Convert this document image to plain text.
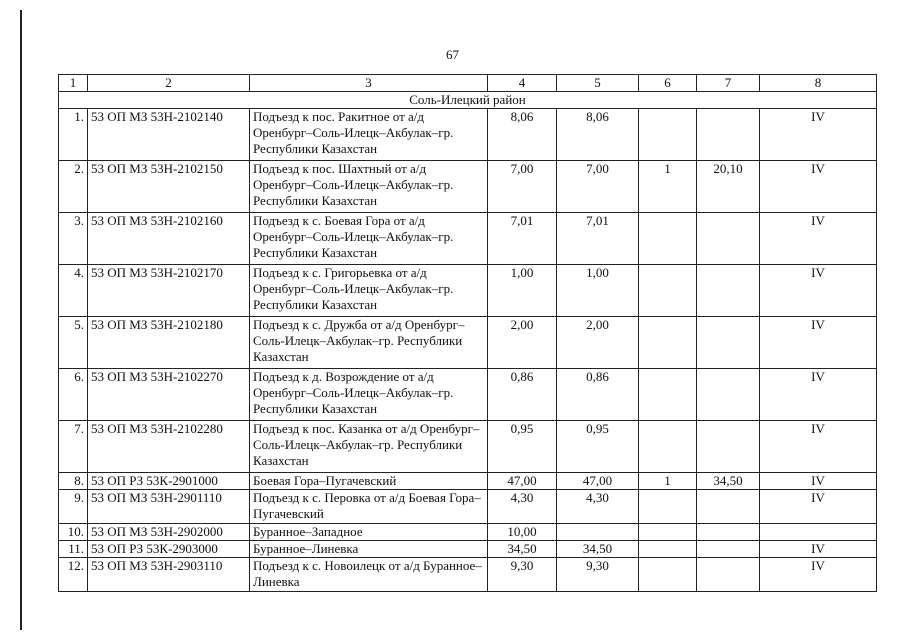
67
1	2	3	4	5	6	7	8
Соль-Илецкий район							
1.	53 ОП МЗ 53Н-2102140	Подъезд к пос. Ракитное от а/д Оренбург–Соль-Илецк–Акбулак–гр. Республики Казахстан	8,06	8,06			IV
2.	53 ОП МЗ 53Н-2102150	Подъезд к пос. Шахтный от а/д Оренбург–Соль-Илецк–Акбулак–гр. Республики Казахстан	7,00	7,00	1	20,10	IV
3.	53 ОП МЗ 53Н-2102160	Подъезд к с. Боевая Гора от а/д Оренбург–Соль-Илецк–Акбулак–гр. Республики Казахстан	7,01	7,01			IV
4.	53 ОП МЗ 53Н-2102170	Подъезд к с. Григорьевка от а/д Оренбург–Соль-Илецк–Акбулак–гр. Республики Казахстан	1,00	1,00			IV
5.	53 ОП МЗ 53Н-2102180	Подъезд к с. Дружба от а/д Оренбург– Соль-Илецк–Акбулак–гр. Республики Казахстан	2,00	2,00			IV
6.	53 ОП МЗ 53Н-2102270	Подъезд к д. Возрождение от а/д Оренбург–Соль-Илецк–Акбулак–гр. Республики Казахстан	0,86	0,86			IV
7.	53 ОП МЗ 53Н-2102280	Подъезд к пос. Казанка от а/д Оренбург–Соль-Илецк–Акбулак–гр. Республики Казахстан	0,95	0,95			IV
8.	53 ОП РЗ 53К-2901000	Боевая Гора–Пугачевский	47,00	47,00	1	34,50	IV
9.	53 ОП МЗ 53Н-2901110	Подъезд к с. Перовка от а/д Боевая Гора–Пугачевский	4,30	4,30			IV
10.	53 ОП МЗ 53Н-2902000	Буранное–Западное	10,00				
11.	53 ОП РЗ 53К-2903000	Буранное–Линевка	34,50	34,50			IV
12.	53 ОП МЗ 53Н-2903110	Подъезд к с. Новоилецк от а/д Буранное–Линевка	9,30	9,30			IV
